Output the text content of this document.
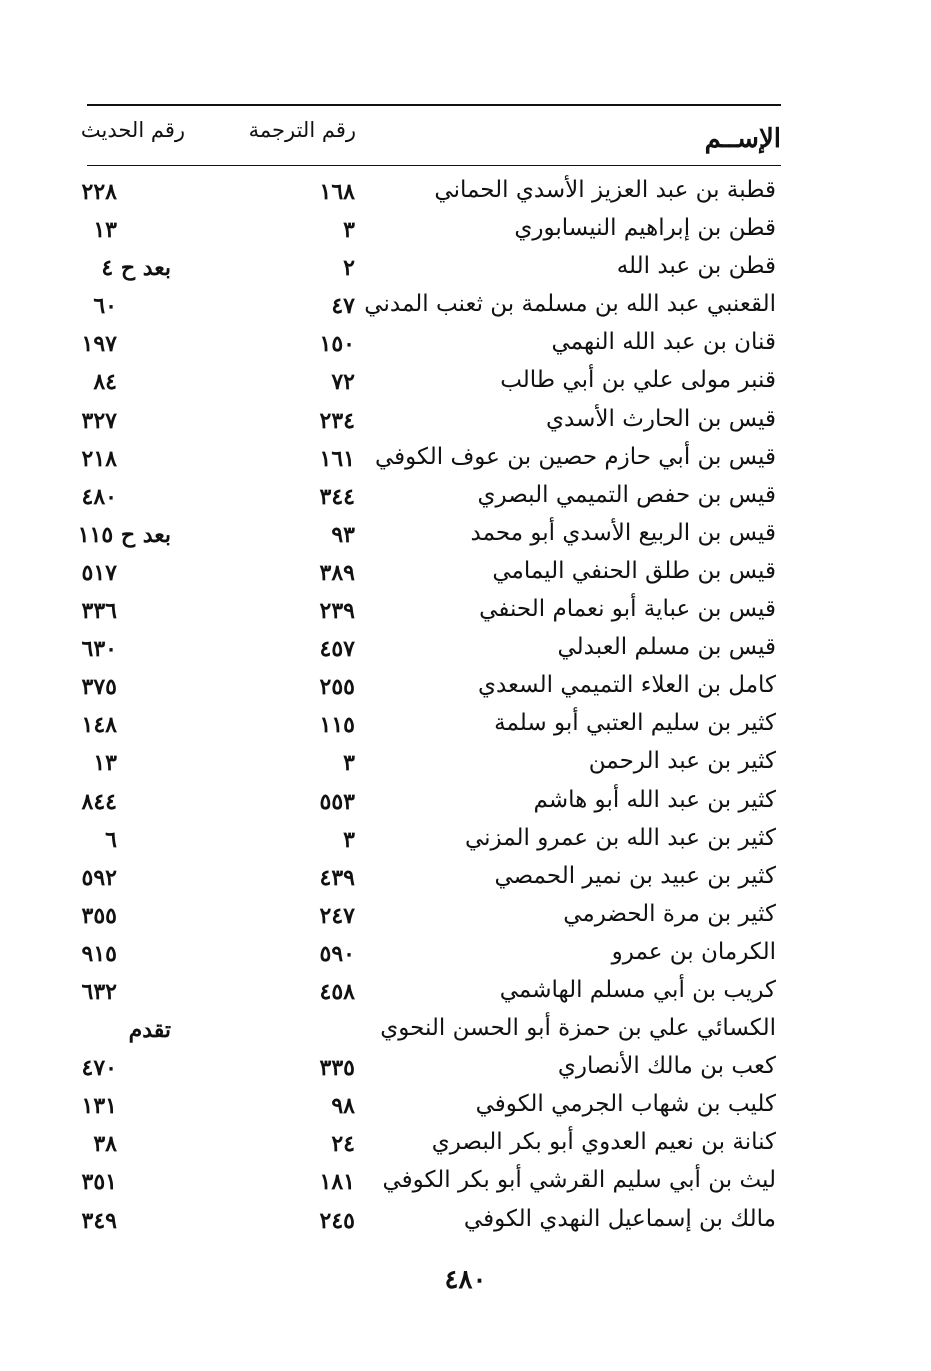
الإســم
رقم الترجمة
رقم الحديث
قطبة بن عبد العزيز الأسدي الحماني
١٦٨
٢٢٨
قطن بن إبراهيم النيسابوري
٣
١٣
قطن بن عبد الله
٢
بعد ح ٤
القعنبي عبد الله بن مسلمة بن ثعنب المدني
٤٧
٦٠
قنان بن عبد الله النهمي
١٥٠
١٩٧
قنبر مولى علي بن أبي طالب
٧٢
٨٤
قيس بن الحارث الأسدي
٢٣٤
٣٢٧
قيس بن أبي حازم حصين بن عوف الكوفي
١٦١
٢١٨
قيس بن حفص التميمي البصري
٣٤٤
٤٨٠
قيس بن الربيع الأسدي أبو محمد
٩٣
بعد ح ١١٥
قيس بن طلق الحنفي اليمامي
٣٨٩
٥١٧
قيس بن عباية أبو نعمام الحنفي
٢٣٩
٣٣٦
قيس بن مسلم العبدلي
٤٥٧
٦٣٠
كامل بن العلاء التميمي السعدي
٢٥٥
٣٧٥
كثير بن سليم العتبي أبو سلمة
١١٥
١٤٨
كثير بن عبد الرحمن
٣
١٣
كثير بن عبد الله أبو هاشم
٥٥٣
٨٤٤
كثير بن عبد الله بن عمرو المزني
٣
٦
كثير بن عبيد بن نمير الحمصي
٤٣٩
٥٩٢
كثير بن مرة الحضرمي
٢٤٧
٣٥٥
الكرمان بن عمرو
٥٩٠
٩١٥
كريب بن أبي مسلم الهاشمي
٤٥٨
٦٣٢
الكسائي علي بن حمزة أبو الحسن النحوي
تقدم
كعب بن مالك الأنصاري
٣٣٥
٤٧٠
كليب بن شهاب الجرمي الكوفي
٩٨
١٣١
كنانة بن نعيم العدوي أبو بكر البصري
٢٤
٣٨
ليث بن أبي سليم القرشي أبو بكر الكوفي
١٨١
٣٥١
مالك بن إسماعيل النهدي الكوفي
٢٤٥
٣٤٩
٤٨٠
